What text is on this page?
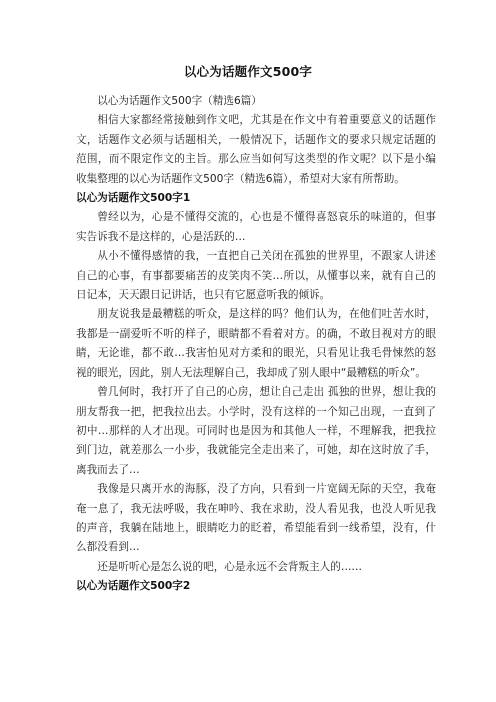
以心为话题作文500字

以心为话题作文500字（精选6篇）

相信大家都经常接触到作文吧，尤其是在作文中有着重要意义的话题作文，话题作文必须与话题相关，一般情况下，话题作文的要求只规定话题的范围，而不限定作文的主旨。那么应当如何写这类型的作文呢？以下是小编收集整理的以心为话题作文500字（精选6篇），希望对大家有所帮助。

以心为话题作文500字1

曾经以为，心是不懂得交流的，心也是不懂得喜怒哀乐的味道的，但事实告诉我不是这样的，心是活跃的…

从小不懂得感情的我，一直把自己关闭在孤独的世界里，不跟家人讲述自己的心事，有事都要痛苦的皮笑肉不笑…所以，从懂事以来，就有自己的日记本，天天跟日记讲话，也只有它愿意听我的倾诉。

朋友说我是最糟糕的听众，是这样的吗？他们认为，在他们吐苦水时，我都是一副爱听不听的样子，眼睛都不看着对方。的确，不敢目视对方的眼睛，无论谁，都不敢…我害怕见对方柔和的眼光，只看见让我毛骨悚然的怒视的眼光，因此，别人无法理解自己，我却成了别人眼中“最糟糕的听众”。

曾几何时，我打开了自己的心房，想让自己走出 孤独的世界，想让我的朋友帮我一把，把我拉出去。小学时，没有这样的一个知己出现，一直到了初中…那样的人才出现。可同时也是因为和其他人一样，不理解我，把我拉到门边，就差那么一小步，我就能完全走出来了，可她，却在这时放了手，离我而去了…

我像是只离开水的海豚，没了方向，只看到一片宽阔无际的天空，我奄奄一息了，我无法呼吸，我在呻吟、我在求助，没人看见我，也没人听见我的声音，我躺在陆地上，眼睛吃力的眨着，希望能看到一线希望，没有，什么都没看到…

还是听听心是怎么说的吧，心是永远不会背叛主人的……

以心为话题作文500字2
